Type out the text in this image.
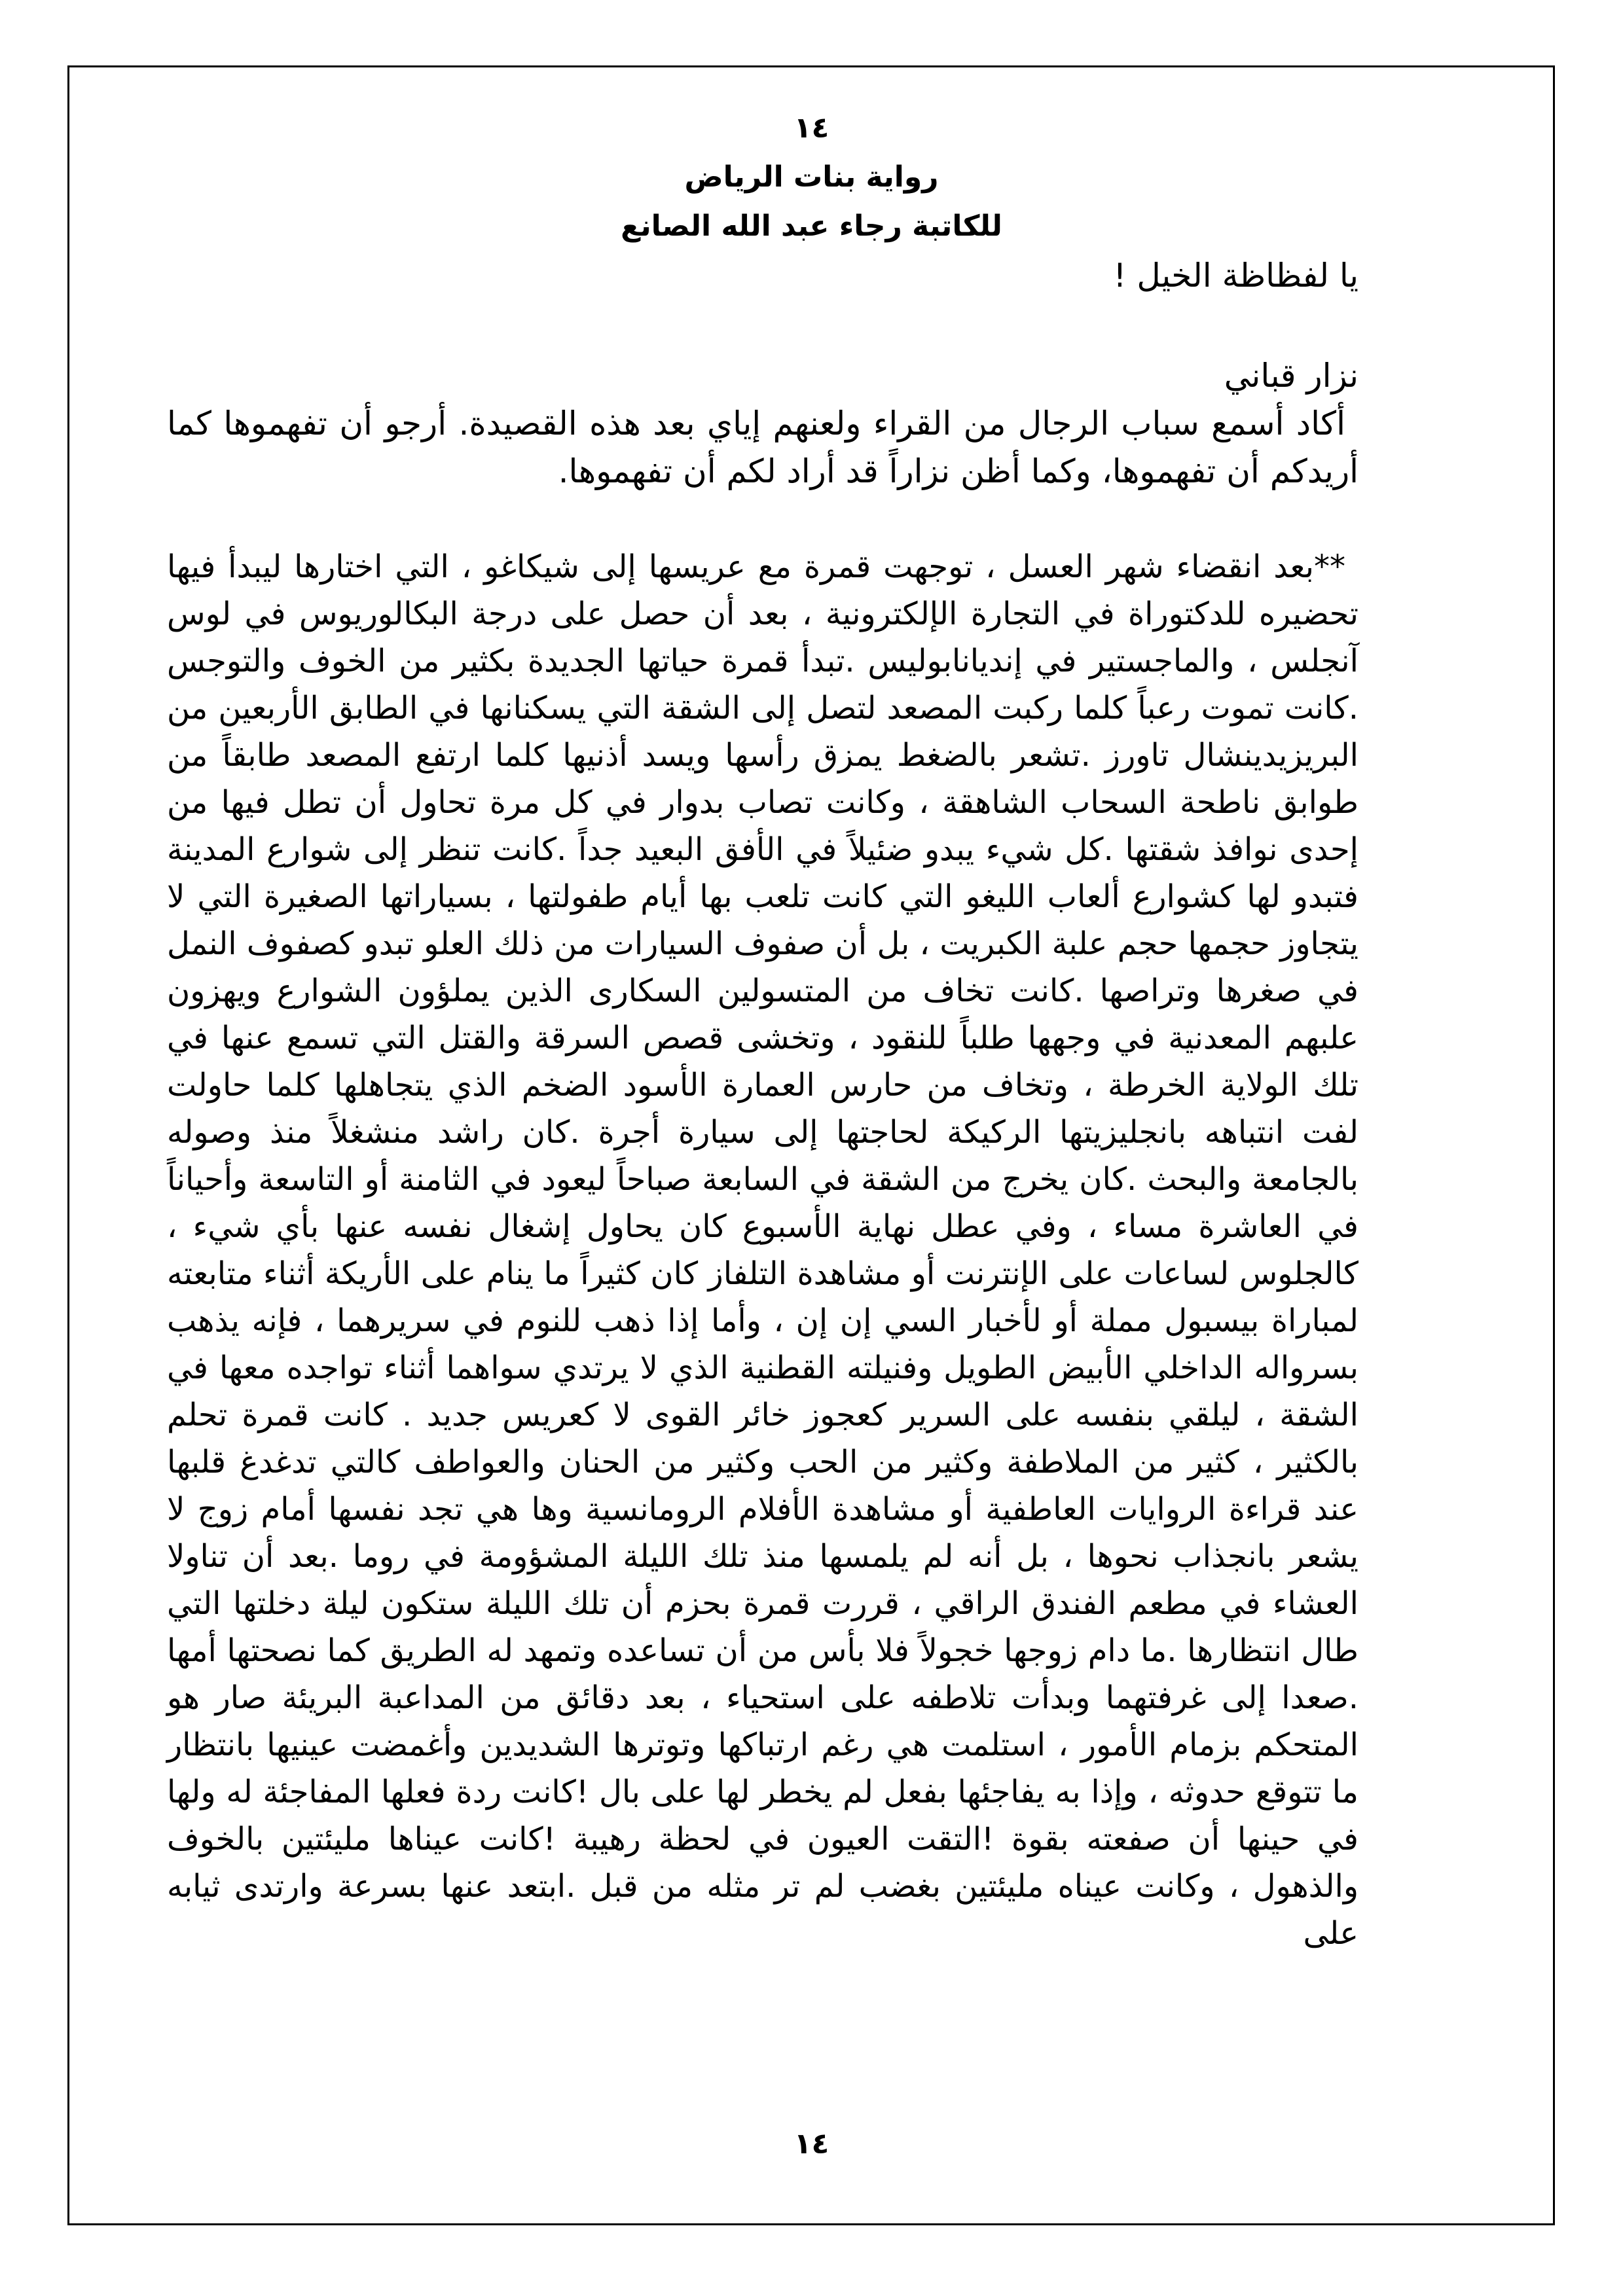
١٤
رواية بنات الرياض
للكاتبة رجاء عبد الله الصانع

يا لفظاظة الخيل !

نزار قباني

أكاد أسمع سباب الرجال من القراء ولعنهم إياي بعد هذه القصيدة. أرجو أن تفهموها كما أريدكم أن تفهموها، وكما أظن نزاراً قد أراد لكم أن تفهموها.

**بعد انقضاء شهر العسل ، توجهت قمرة مع عريسها إلى شيكاغو ، التي اختارها ليبدأ فيها تحضيره للدكتوراة في التجارة الإلكترونية ، بعد أن حصل على درجة البكالوريوس في لوس آنجلس ، والماجستير في إنديانابوليس .تبدأ قمرة حياتها الجديدة بكثير من الخوف والتوجس .كانت تموت رعباً كلما ركبت المصعد لتصل إلى الشقة التي يسكنانها في الطابق الأربعين من البريزيدينشال تاورز .تشعر بالضغط يمزق رأسها ويسد أذنيها كلما ارتفع المصعد طابقاً من طوابق ناطحة السحاب الشاهقة ، وكانت تصاب بدوار في كل مرة تحاول أن تطل فيها من إحدى نوافذ شقتها .كل شيء يبدو ضئيلاً في الأفق البعيد جداً .كانت تنظر إلى شوارع المدينة فتبدو لها كشوارع ألعاب الليغو التي كانت تلعب بها أيام طفولتها ، بسياراتها الصغيرة التي لا يتجاوز حجمها حجم علبة الكبريت ، بل أن صفوف السيارات من ذلك العلو تبدو كصفوف النمل في صغرها وتراصها .كانت تخاف من المتسولين السكارى الذين يملؤون الشوارع ويهزون علبهم المعدنية في وجهها طلباً للنقود ، وتخشى قصص السرقة والقتل التي تسمع عنها في تلك الولاية الخرطة ، وتخاف من حارس العمارة الأسود الضخم الذي يتجاهلها كلما حاولت لفت انتباهه بانجليزيتها الركيكة لحاجتها إلى سيارة أجرة .كان راشد منشغلاً منذ وصوله بالجامعة والبحث .كان يخرج من الشقة في السابعة صباحاً ليعود في الثامنة أو التاسعة وأحياناً في العاشرة مساء ، وفي عطل نهاية الأسبوع كان يحاول إشغال نفسه عنها بأي شيء ، كالجلوس لساعات على الإنترنت أو مشاهدة التلفاز كان كثيراً ما ينام على الأريكة أثناء متابعته لمباراة بيسبول مملة أو لأخبار السي إن إن ، وأما إذا ذهب للنوم في سريرهما ، فإنه يذهب بسرواله الداخلي الأبيض الطويل وفنيلته القطنية الذي لا يرتدي سواهما أثناء تواجده معها في الشقة ، ليلقي بنفسه على السرير كعجوز خائر القوى لا كعريس جديد . كانت قمرة تحلم بالكثير ، كثير من الملاطفة وكثير من الحب وكثير من الحنان والعواطف كالتي تدغدغ قلبها عند قراءة الروايات العاطفية أو مشاهدة الأفلام الرومانسية وها هي تجد نفسها أمام زوج لا يشعر بانجذاب نحوها ، بل أنه لم يلمسها منذ تلك الليلة المشؤومة في روما .بعد أن تناولا العشاء في مطعم الفندق الراقي ، قررت قمرة بحزم أن تلك الليلة ستكون ليلة دخلتها التي طال انتظارها .ما دام زوجها خجولاً فلا بأس من أن تساعده وتمهد له الطريق كما نصحتها أمها .صعدا إلى غرفتهما وبدأت تلاطفه على استحياء ، بعد دقائق من المداعبة البريئة صار هو المتحكم بزمام الأمور ، استلمت هي رغم ارتباكها وتوترها الشديدين وأغمضت عينيها بانتظار ما تتوقع حدوثه ، وإذا به يفاجئها بفعل لم يخطر لها على بال !كانت ردة فعلها المفاجئة له ولها في حينها أن صفعته بقوة !التقت العيون في لحظة رهيبة !كانت عيناها مليئتين بالخوف والذهول ، وكانت عيناه مليئتين بغضب لم تر مثله من قبل .ابتعد عنها بسرعة وارتدى ثيابه على

١٤
